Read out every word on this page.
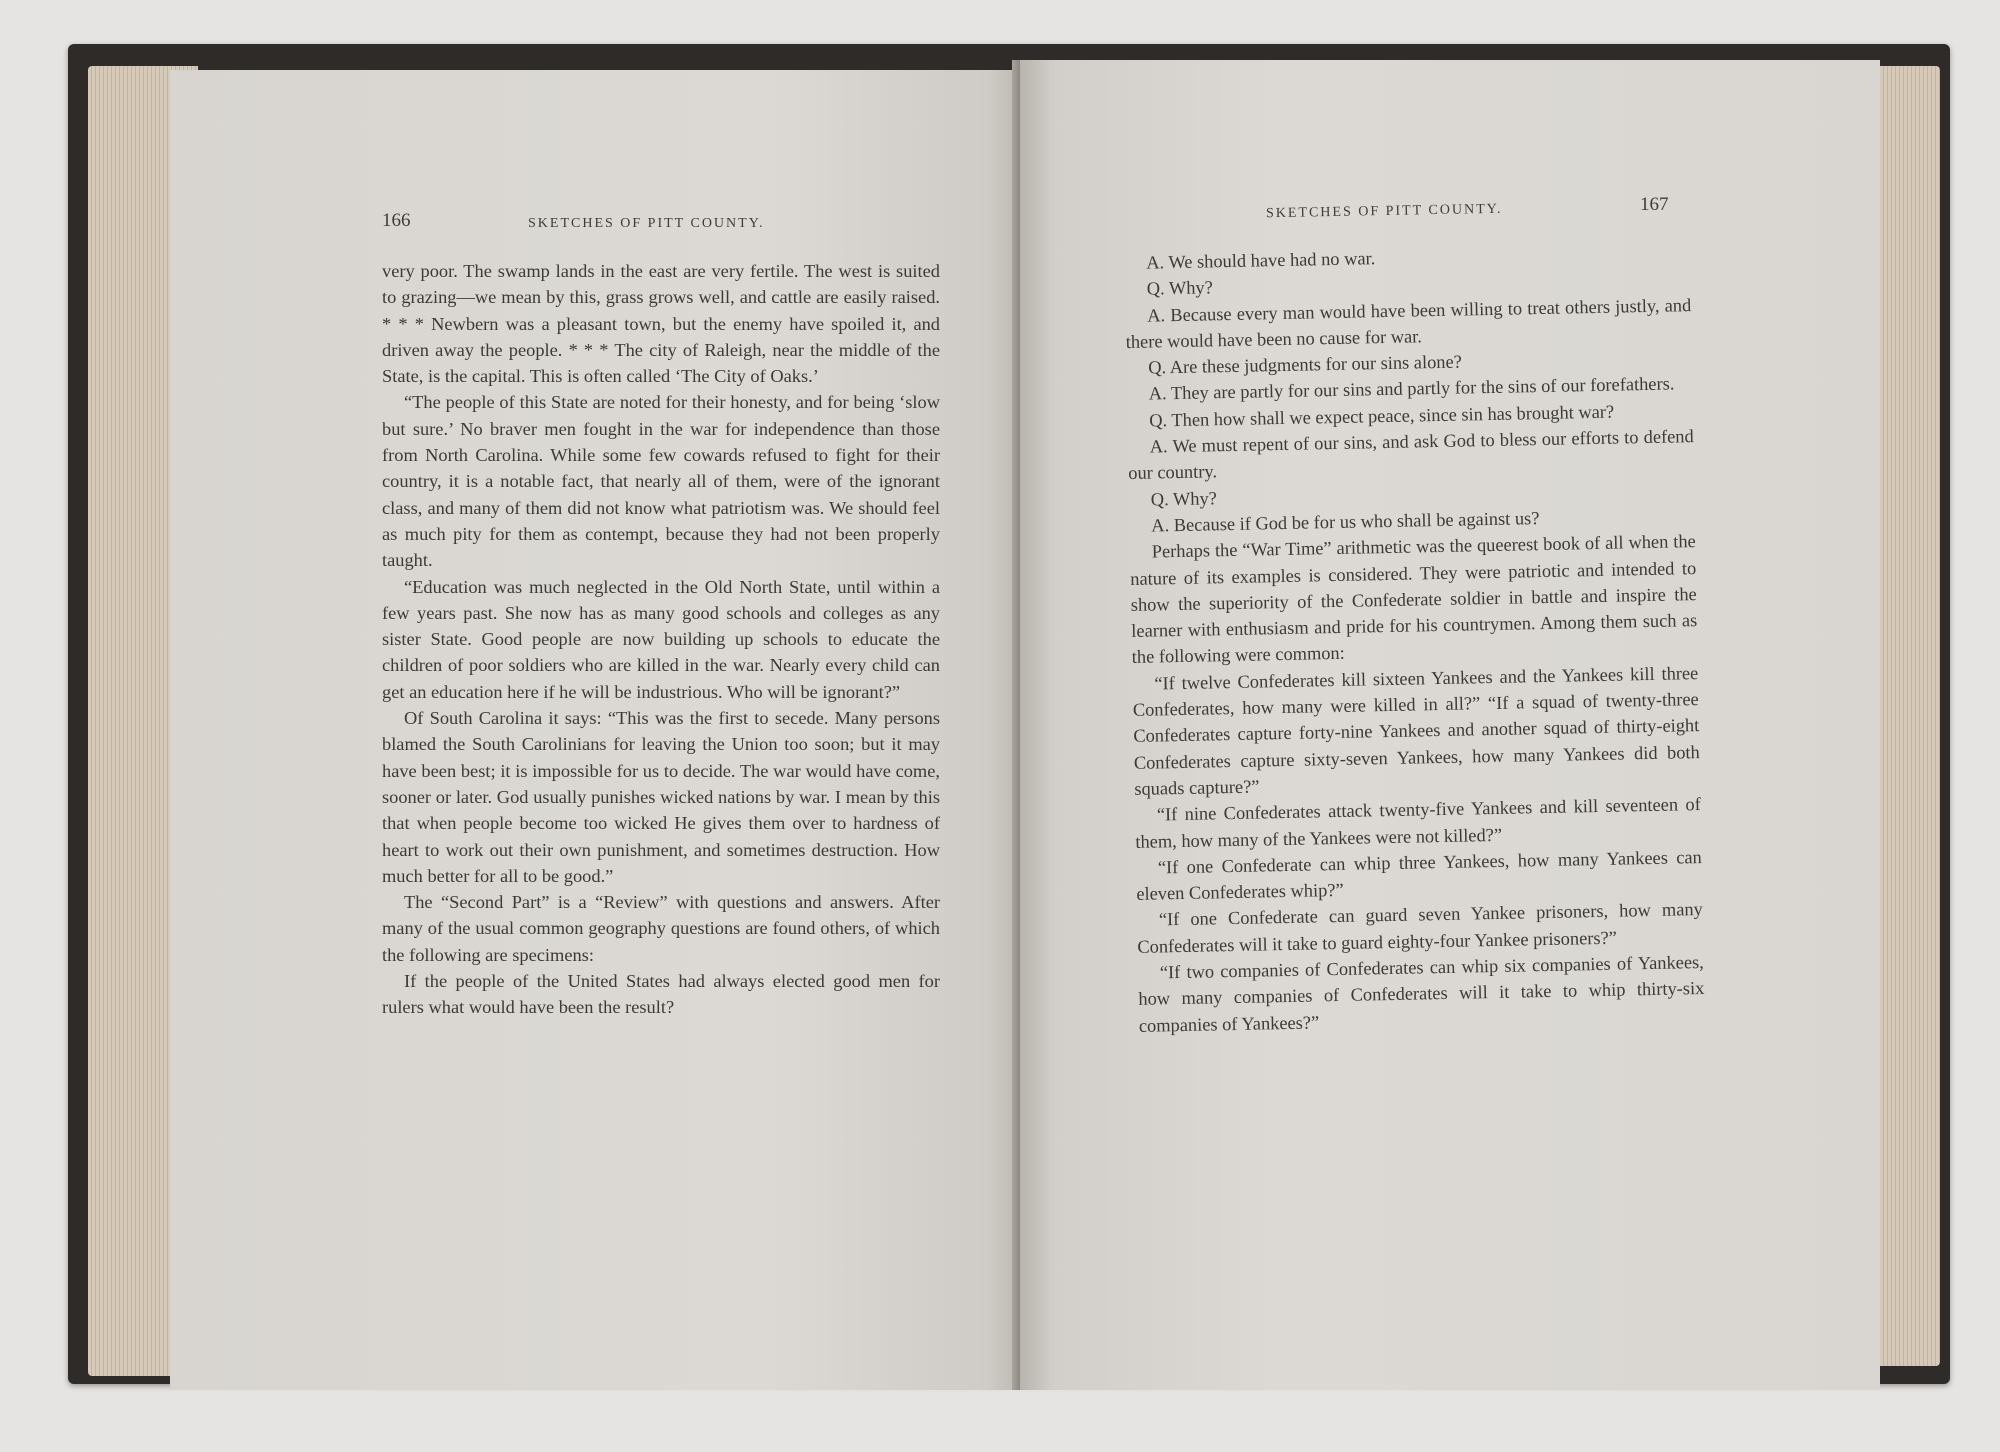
166	SKETCHES OF PITT COUNTY.

very poor. The swamp lands in the east are very fertile. The west is suited to grazing—we mean by this, grass grows well, and cattle are easily raised. * * * Newbern was a pleasant town, but the enemy have spoiled it, and driven away the people. * * * The city of Raleigh, near the middle of the State, is the capital. This is often called ‘The City of Oaks.’

“The people of this State are noted for their honesty, and for being ‘slow but sure.’ No braver men fought in the war for independence than those from North Carolina. While some few cowards refused to fight for their country, it is a notable fact, that nearly all of them, were of the ignorant class, and many of them did not know what patriotism was. We should feel as much pity for them as contempt, because they had not been properly taught.

“Education was much neglected in the Old North State, until within a few years past. She now has as many good schools and colleges as any sister State. Good people are now building up schools to educate the children of poor soldiers who are killed in the war. Nearly every child can get an education here if he will be industrious. Who will be ignorant?”

Of South Carolina it says: “This was the first to secede. Many persons blamed the South Carolinians for leaving the Union too soon; but it may have been best; it is impossible for us to decide. The war would have come, sooner or later. God usually punishes wicked nations by war. I mean by this that when people become too wicked He gives them over to hardness of heart to work out their own punishment, and sometimes destruction. How much better for all to be good.”

The “Second Part” is a “Review” with questions and answers. After many of the usual common geography questions are found others, of which the following are specimens:

If the people of the United States had always elected good men for rulers what would have been the result?

SKETCHES OF PITT COUNTY.	167

A. We should have had no war.

Q. Why?

A. Because every man would have been willing to treat others justly, and there would have been no cause for war.

Q. Are these judgments for our sins alone?

A. They are partly for our sins and partly for the sins of our forefathers.

Q. Then how shall we expect peace, since sin has brought war?

A. We must repent of our sins, and ask God to bless our efforts to defend our country.

Q. Why?

A. Because if God be for us who shall be against us?

Perhaps the “War Time” arithmetic was the queerest book of all when the nature of its examples is considered. They were patriotic and intended to show the superiority of the Confederate soldier in battle and inspire the learner with enthusiasm and pride for his countrymen. Among them such as the following were common:

“If twelve Confederates kill sixteen Yankees and the Yankees kill three Confederates, how many were killed in all?” “If a squad of twenty-three Confederates capture forty-nine Yankees and another squad of thirty-eight Confederates capture sixty-seven Yankees, how many Yankees did both squads capture?”

“If nine Confederates attack twenty-five Yankees and kill seventeen of them, how many of the Yankees were not killed?”

“If one Confederate can whip three Yankees, how many Yankees can eleven Confederates whip?”

“If one Confederate can guard seven Yankee prisoners, how many Confederates will it take to guard eighty-four Yankee prisoners?”

“If two companies of Confederates can whip six companies of Yankees, how many companies of Confederates will it take to whip thirty-six companies of Yankees?”
